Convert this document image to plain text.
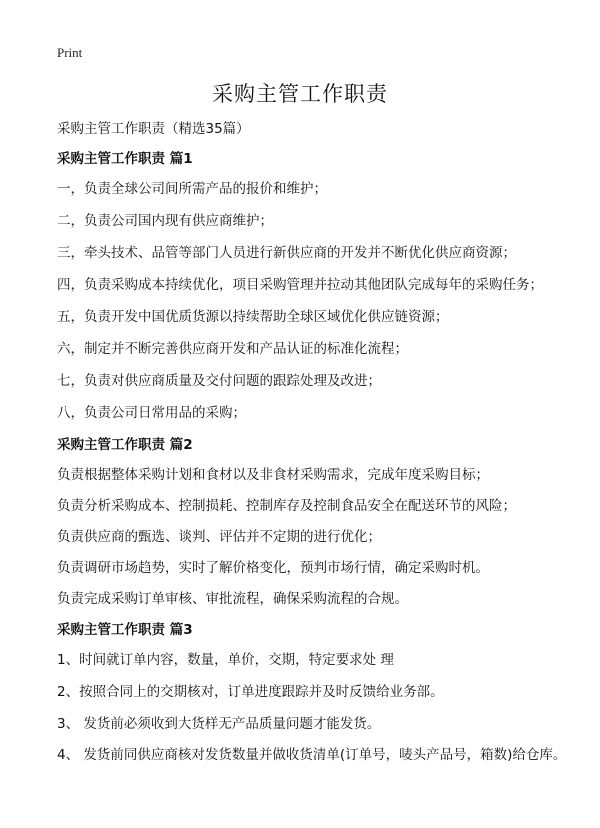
Print
采购主管工作职责
采购主管工作职责（精选35篇）
采购主管工作职责 篇1
一，负责全球公司间所需产品的报价和维护；
二，负责公司国内现有供应商维护；
三，牵头技术、品管等部门人员进行新供应商的开发并不断优化供应商资源；
四，负责采购成本持续优化，项目采购管理并拉动其他团队完成每年的采购任务；
五，负责开发中国优质货源以持续帮助全球区域优化供应链资源；
六，制定并不断完善供应商开发和产品认证的标准化流程；
七，负责对供应商质量及交付问题的跟踪处理及改进；
八，负责公司日常用品的采购；
采购主管工作职责 篇2
负责根据整体采购计划和食材以及非食材采购需求，完成年度采购目标；
负责分析采购成本、控制损耗、控制库存及控制食品安全在配送环节的风险；
负责供应商的甄选、谈判、评估并不定期的进行优化；
负责调研市场趋势，实时了解价格变化，预判市场行情，确定采购时机。
负责完成采购订单审核、审批流程，确保采购流程的合规。
采购主管工作职责 篇3
1、时间就订单内容，数量，单价，交期，特定要求处 理
2、按照合同上的交期核对，订单进度跟踪并及时反馈给业务部。
3、 发货前必须收到大货样无产品质量问题才能发货。
4、 发货前同供应商核对发货数量并做收货清单(订单号，唛头产品号，箱数)给仓库。
